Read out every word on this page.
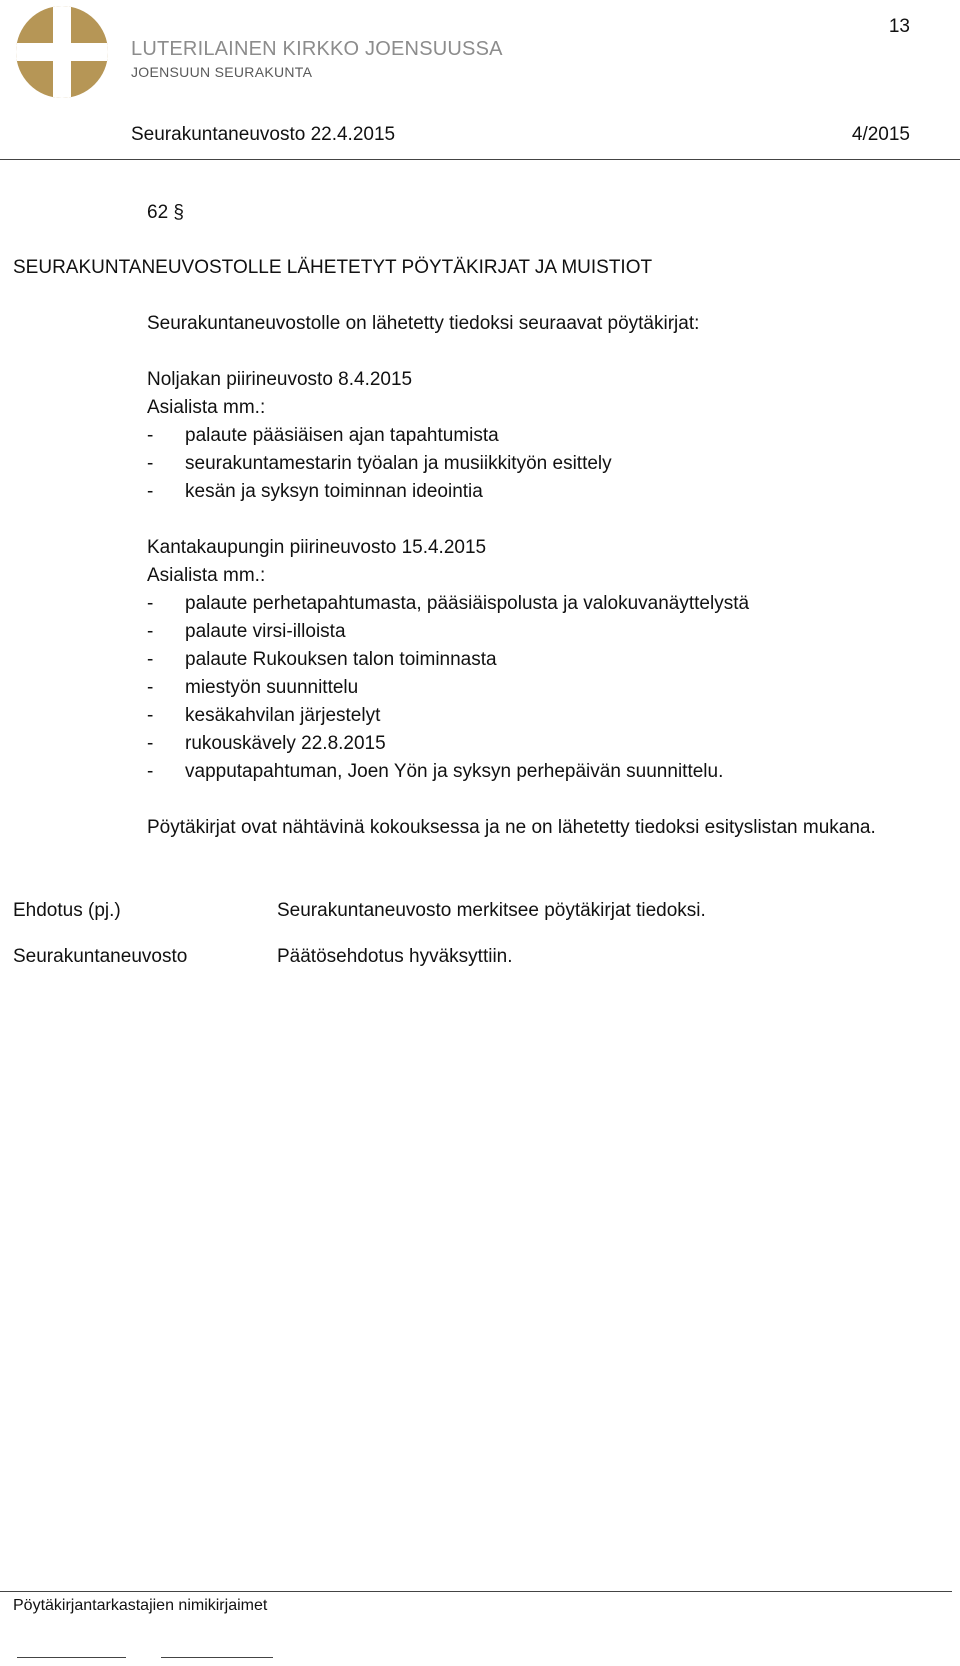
LUTERILAINEN KIRKKO JOENSUUSSA
JOENSUUN SEURAKUNTA
13
Seurakuntaneuvosto 22.4.2015	4/2015
62 §
SEURAKUNTANEUVOSTOLLE LÄHETETYT PÖYTÄKIRJAT JA MUISTIOT
Seurakuntaneuvostolle on lähetetty tiedoksi seuraavat pöytäkirjat:
Noljakan piirineuvosto 8.4.2015
Asialista mm.:
- palaute pääsiäisen ajan tapahtumista
- seurakuntamestarin työalan ja musiikkityön esittely
- kesän ja syksyn toiminnan ideointia
Kantakaupungin piirineuvosto 15.4.2015
Asialista mm.:
- palaute perhetapahtumasta, pääsiäispolusta ja valokuvanäyttelystä
- palaute virsi-illoista
- palaute Rukouksen talon toiminnasta
- miestyön suunnittelu
- kesäkahvilan järjestelyt
- rukouskävely 22.8.2015
- vapputapahtuman, Joen Yön ja syksyn perhepäivän suunnittelu.
Pöytäkirjat ovat nähtävinä kokouksessa ja ne on lähetetty tiedoksi esityslistan mukana.
Ehdotus (pj.)	Seurakuntaneuvosto merkitsee pöytäkirjat tiedoksi.
Seurakuntaneuvosto	Päätösehdotus hyväksyttiin.
Pöytäkirjantarkastajien nimikirjaimet
